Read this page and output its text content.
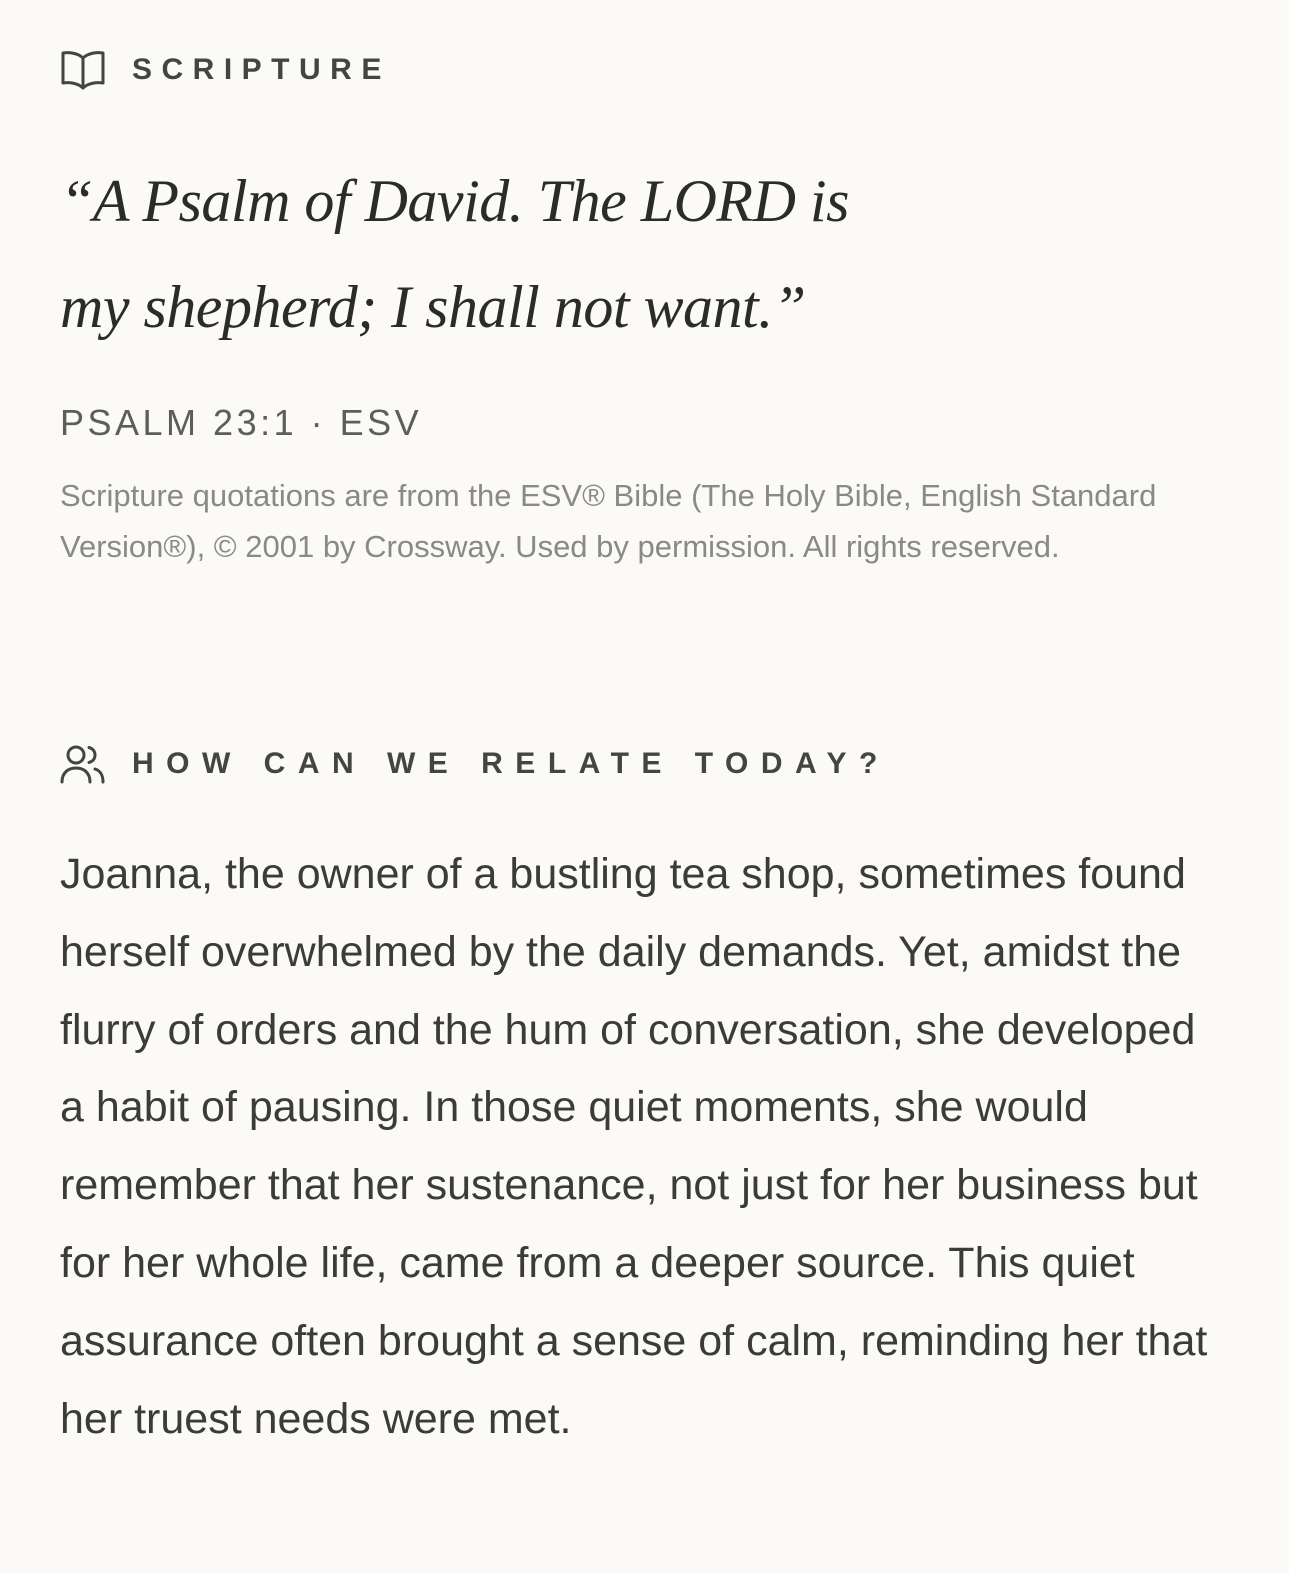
SCRIPTURE
“A Psalm of David. The LORD is my shepherd; I shall not want.”
PSALM 23:1 · ESV
Scripture quotations are from the ESV® Bible (The Holy Bible, English Standard Version®), © 2001 by Crossway. Used by permission. All rights reserved.
HOW CAN WE RELATE TODAY?
Joanna, the owner of a bustling tea shop, sometimes found herself overwhelmed by the daily demands. Yet, amidst the flurry of orders and the hum of conversation, she developed a habit of pausing. In those quiet moments, she would remember that her sustenance, not just for her business but for her whole life, came from a deeper source. This quiet assurance often brought a sense of calm, reminding her that her truest needs were met.
